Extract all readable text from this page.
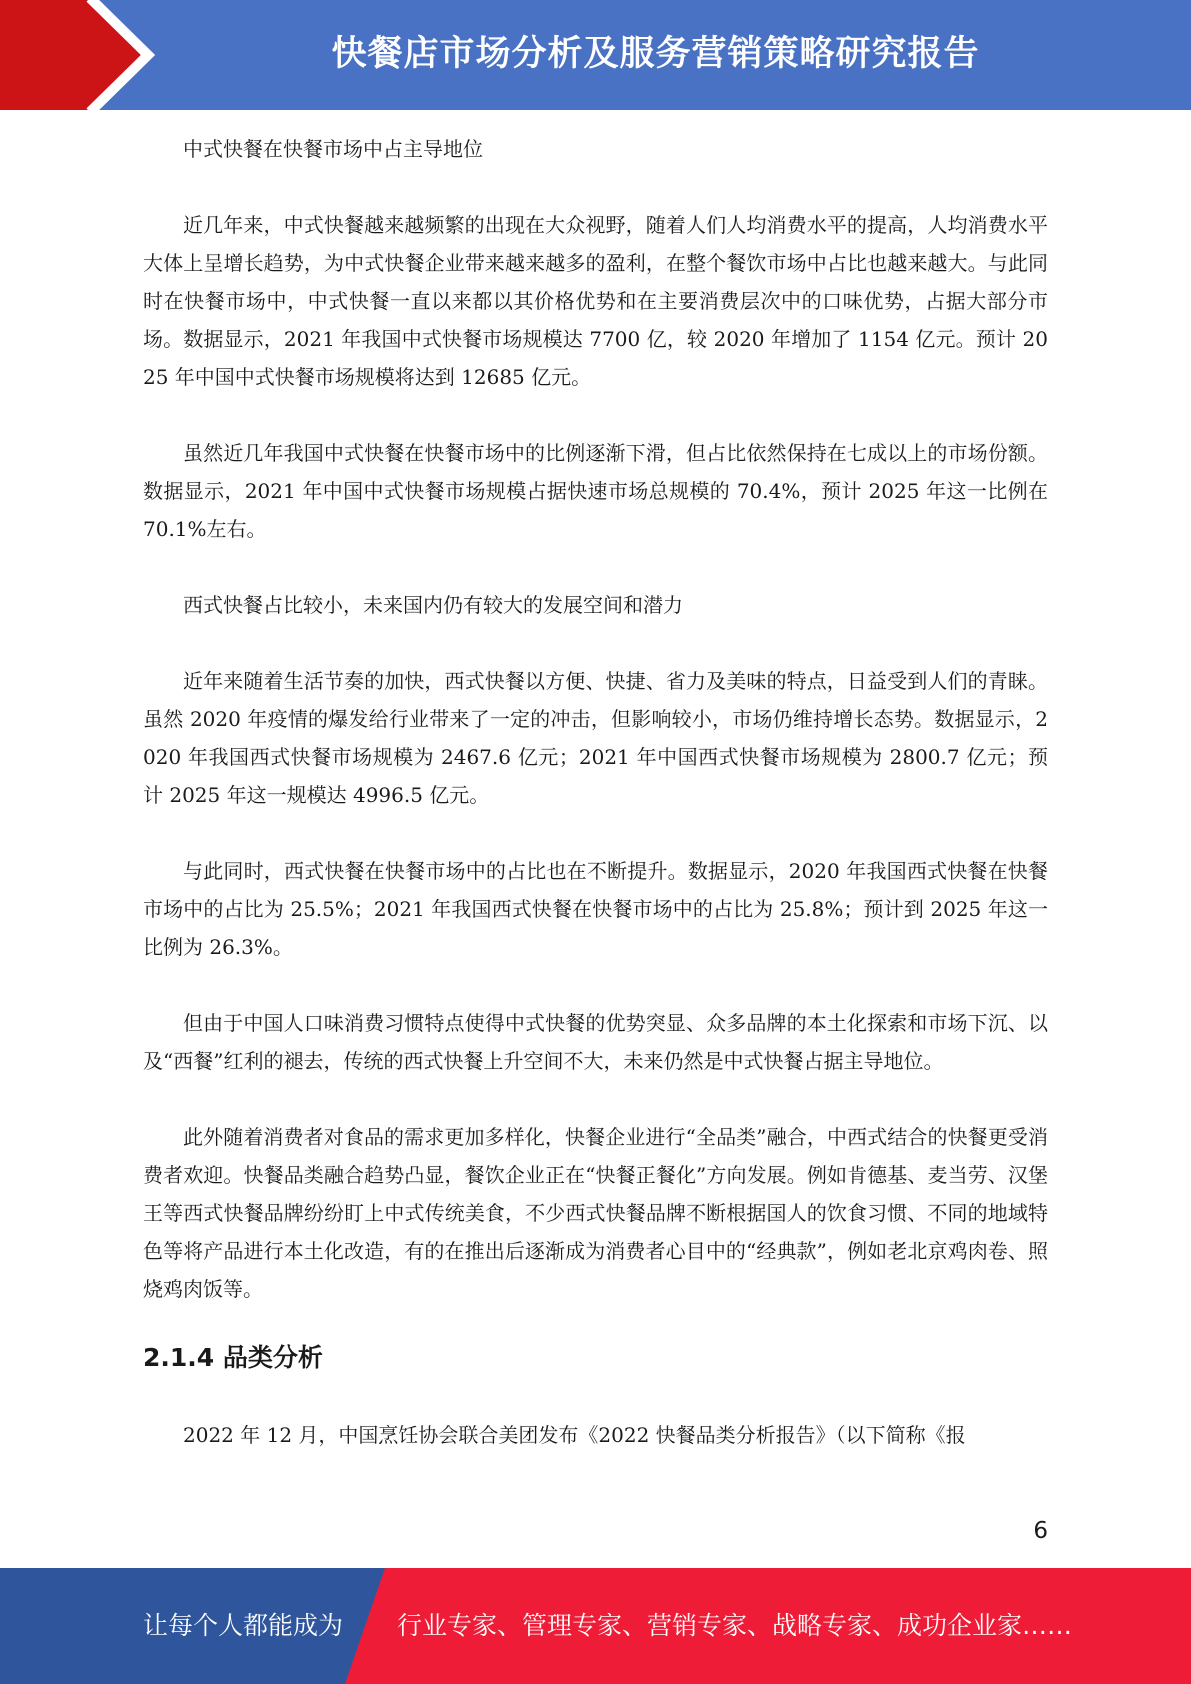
快餐店市场分析及服务营销策略研究报告

中式快餐在快餐市场中占主导地位

近几年来，中式快餐越来越频繁的出现在大众视野，随着人们人均消费水平的提高，人均消费水平大体上呈增长趋势，为中式快餐企业带来越来越多的盈利，在整个餐饮市场中占比也越来越大。与此同时在快餐市场中，中式快餐一直以来都以其价格优势和在主要消费层次中的口味优势，占据大部分市场。数据显示，2021 年我国中式快餐市场规模达 7700 亿，较 2020 年增加了 1154 亿元。预计 2025 年中国中式快餐市场规模将达到 12685 亿元。

虽然近几年我国中式快餐在快餐市场中的比例逐渐下滑，但占比依然保持在七成以上的市场份额。数据显示，2021 年中国中式快餐市场规模占据快速市场总规模的 70.4%，预计 2025 年这一比例在 70.1%左右。

西式快餐占比较小，未来国内仍有较大的发展空间和潜力

近年来随着生活节奏的加快，西式快餐以方便、快捷、省力及美味的特点，日益受到人们的青睐。虽然 2020 年疫情的爆发给行业带来了一定的冲击，但影响较小，市场仍维持增长态势。数据显示，2020 年我国西式快餐市场规模为 2467.6 亿元；2021 年中国西式快餐市场规模为 2800.7 亿元；预计 2025 年这一规模达 4996.5 亿元。

与此同时，西式快餐在快餐市场中的占比也在不断提升。数据显示，2020 年我国西式快餐在快餐市场中的占比为 25.5%；2021 年我国西式快餐在快餐市场中的占比为 25.8%；预计到 2025 年这一比例为 26.3%。

但由于中国人口味消费习惯特点使得中式快餐的优势突显、众多品牌的本土化探索和市场下沉、以及“西餐”红利的褪去，传统的西式快餐上升空间不大，未来仍然是中式快餐占据主导地位。

此外随着消费者对食品的需求更加多样化，快餐企业进行“全品类”融合，中西式结合的快餐更受消费者欢迎。快餐品类融合趋势凸显，餐饮企业正在“快餐正餐化”方向发展。例如肯德基、麦当劳、汉堡王等西式快餐品牌纷纷盯上中式传统美食，不少西式快餐品牌不断根据国人的饮食习惯、不同的地域特色等将产品进行本土化改造，有的在推出后逐渐成为消费者心目中的“经典款”，例如老北京鸡肉卷、照烧鸡肉饭等。

2.1.4 品类分析

2022 年 12 月，中国烹饪协会联合美团发布《2022 快餐品类分析报告》（以下简称《报

6
让每个人都能成为 行业专家、管理专家、营销专家、战略专家、成功企业家……
